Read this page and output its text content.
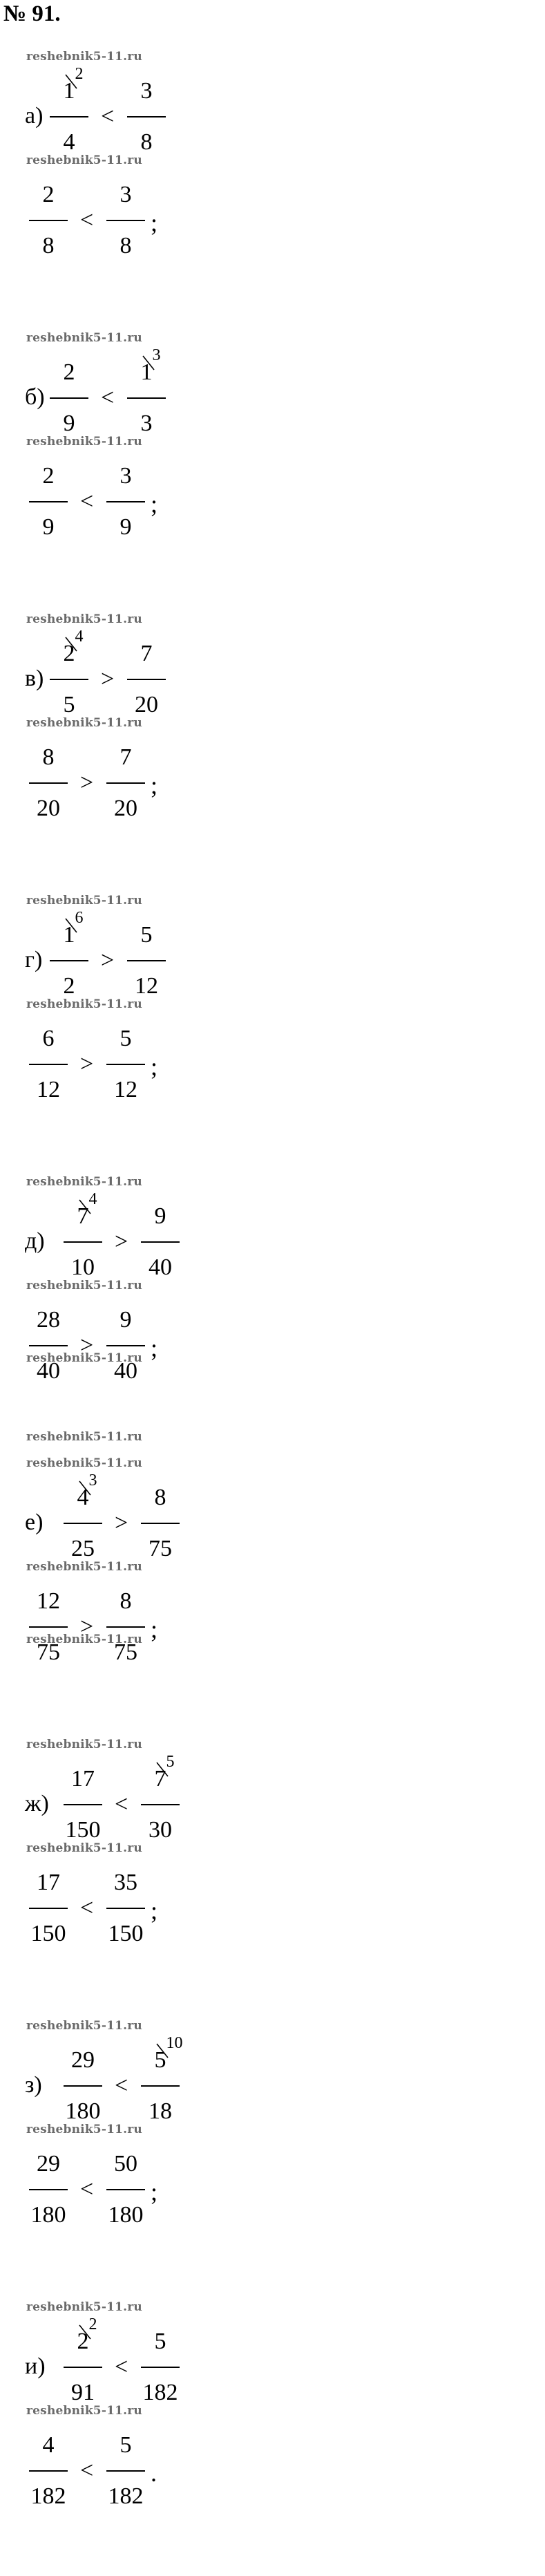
№ 91.
а)
1
4
2
<
3
8
2
8
<
3
8
;
б)
2
9
<
1
3
3
2
9
<
3
9
;
в)
2
5
4
>
7
20
8
20
>
7
20
;
г)
1
2
6
>
5
12
6
12
>
5
12
;
д)
7
10
4
>
9
40
28
40
>
9
40
;
е)
4
25
3
>
8
75
12
75
>
8
75
;
ж)
17
150
<
7
30
5
17
150
<
35
150
;
з)
29
180
<
5
18
10
29
180
<
50
180
;
и)
2
91
2
<
5
182
4
182
<
5
182
.
reshebnik5-11.ru
reshebnik5-11.ru
reshebnik5-11.ru
reshebnik5-11.ru
reshebnik5-11.ru
reshebnik5-11.ru
reshebnik5-11.ru
reshebnik5-11.ru
reshebnik5-11.ru
reshebnik5-11.ru
reshebnik5-11.ru
reshebnik5-11.ru
reshebnik5-11.ru
reshebnik5-11.ru
reshebnik5-11.ru
reshebnik5-11.ru
reshebnik5-11.ru
reshebnik5-11.ru
reshebnik5-11.ru
reshebnik5-11.ru
reshebnik5-11.ru
